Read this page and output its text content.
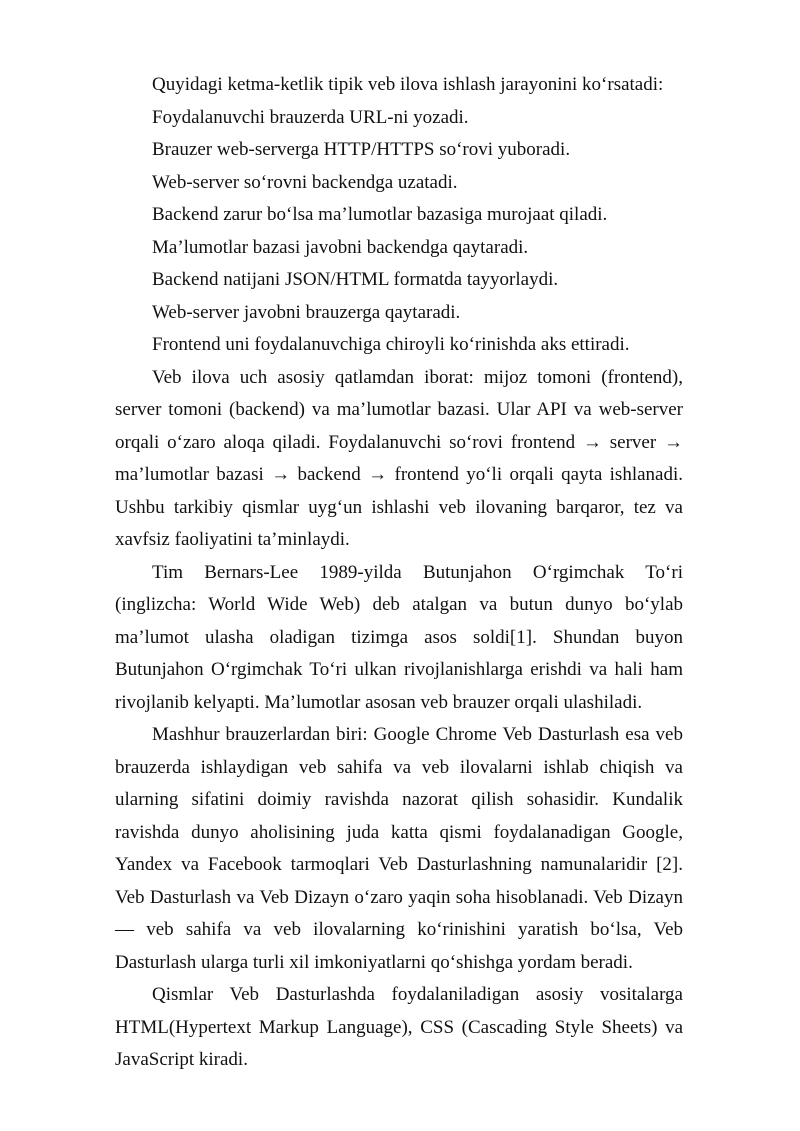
Quyidagi ketma-ketlik tipik veb ilova ishlash jarayonini ko‘rsatadi:

Foydalanuvchi brauzerda URL-ni yozadi.

Brauzer web-serverga HTTP/HTTPS so‘rovi yuboradi.

Web-server so‘rovni backendga uzatadi.

Backend zarur bo‘lsa ma’lumotlar bazasiga murojaat qiladi.

Ma’lumotlar bazasi javobni backendga qaytaradi.

Backend natijani JSON/HTML formatda tayyorlaydi.

Web-server javobni brauzerga qaytaradi.

Frontend uni foydalanuvchiga chiroyli ko‘rinishda aks ettiradi.

Veb ilova uch asosiy qatlamdan iborat: mijoz tomoni (frontend), server tomoni (backend) va ma’lumotlar bazasi. Ular API va web-server orqali o‘zaro aloqa qiladi. Foydalanuvchi so‘rovi frontend → server → ma’lumotlar bazasi → backend → frontend yo‘li orqali qayta ishlanadi. Ushbu tarkibiy qismlar uyg‘un ishlashi veb ilovaning barqaror, tez va xavfsiz faoliyatini ta’minlaydi.

Tim Bernars-Lee 1989-yilda Butunjahon O‘rgimchak To‘ri (inglizcha: World Wide Web) deb atalgan va butun dunyo bo‘ylab ma’lumot ulasha oladigan tizimga asos soldi[1]. Shundan buyon Butunjahon O‘rgimchak To‘ri ulkan rivojlanishlarga erishdi va hali ham rivojlanib kelyapti. Ma’lumotlar asosan veb brauzer orqali ulashiladi.

Mashhur brauzerlardan biri: Google Chrome Veb Dasturlash esa veb brauzerda ishlaydigan veb sahifa va veb ilovalarni ishlab chiqish va ularning sifatini doimiy ravishda nazorat qilish sohasidir. Kundalik ravishda dunyo aholisining juda katta qismi foydalanadigan Google, Yandex va Facebook tarmoqlari Veb Dasturlashning namunalaridir [2]. Veb Dasturlash va Veb Dizayn o‘zaro yaqin soha hisoblanadi. Veb Dizayn — veb sahifa va veb ilovalarning ko‘rinishini yaratish bo‘lsa, Veb Dasturlash ularga turli xil imkoniyatlarni qo‘shishga yordam beradi.

Qismlar Veb Dasturlashda foydalaniladigan asosiy vositalarga

HTML(Hypertext Markup Language), CSS (Cascading Style Sheets) va JavaScript kiradi.
